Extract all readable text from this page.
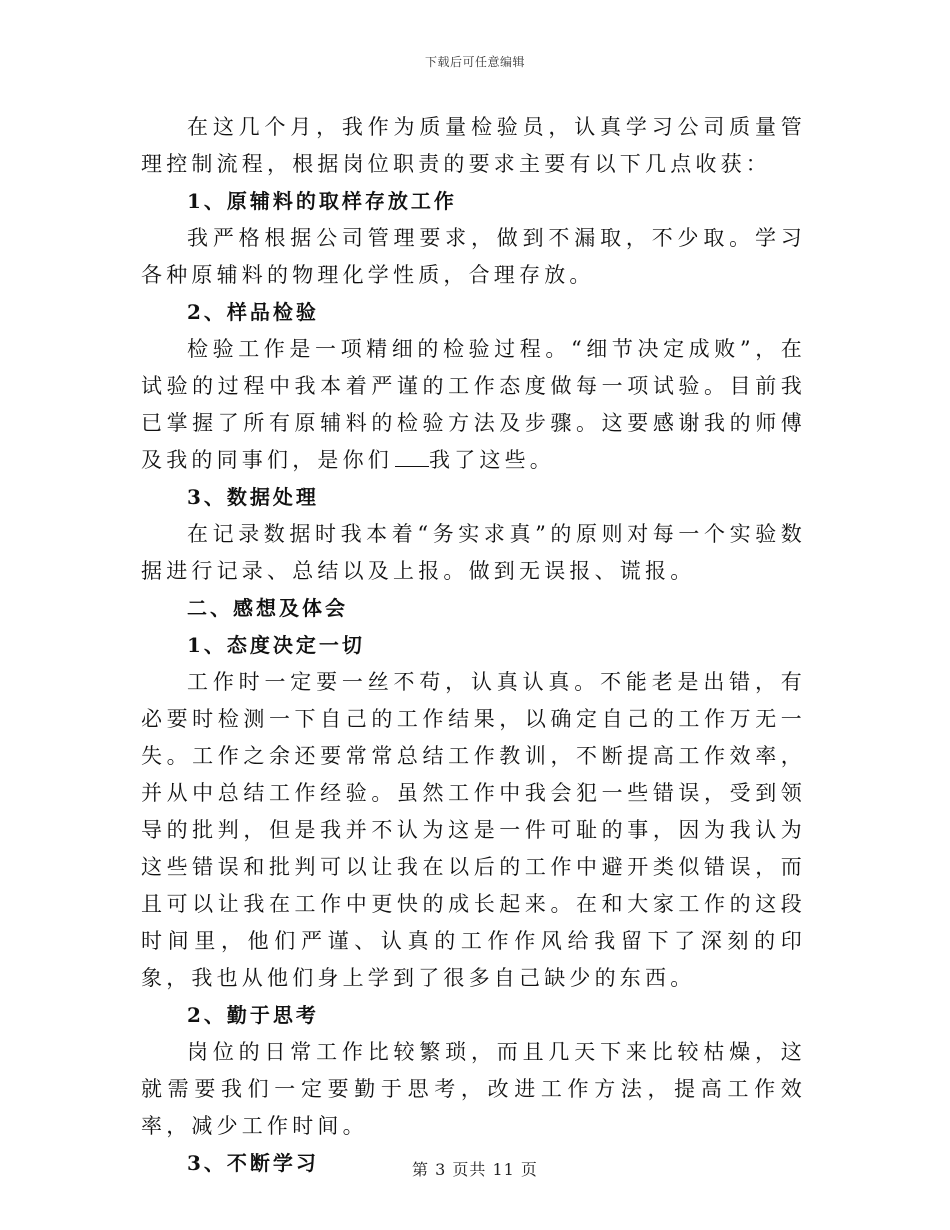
下载后可任意编辑

在这几个月，我作为质量检验员，认真学习公司质量管理控制流程，根据岗位职责的要求主要有以下几点收获：

1、原辅料的取样存放工作

我严格根据公司管理要求，做到不漏取，不少取。学习各种原辅料的物理化学性质，合理存放。

2、样品检验

检验工作是一项精细的检验过程。“细节决定成败”，在试验的过程中我本着严谨的工作态度做每一项试验。目前我已掌握了所有原辅料的检验方法及步骤。这要感谢我的师傅及我的同事们，是你们 我了这些。

3、数据处理

在记录数据时我本着“务实求真”的原则对每一个实验数据进行记录、总结以及上报。做到无误报、谎报。

二、感想及体会

1、态度决定一切

工作时一定要一丝不苟，认真认真。不能老是出错，有必要时检测一下自己的工作结果，以确定自己的工作万无一失。工作之余还要常常总结工作教训，不断提高工作效率，并从中总结工作经验。虽然工作中我会犯一些错误，受到领导的批判，但是我并不认为这是一件可耻的事，因为我认为这些错误和批判可以让我在以后的工作中避开类似错误，而且可以让我在工作中更快的成长起来。在和大家工作的这段时间里，他们严谨、认真的工作作风给我留下了深刻的印象，我也从他们身上学到了很多自己缺少的东西。

2、勤于思考

岗位的日常工作比较繁琐，而且几天下来比较枯燥，这就需要我们一定要勤于思考，改进工作方法，提高工作效率，减少工作时间。

3、不断学习	第 3 页共 11 页
